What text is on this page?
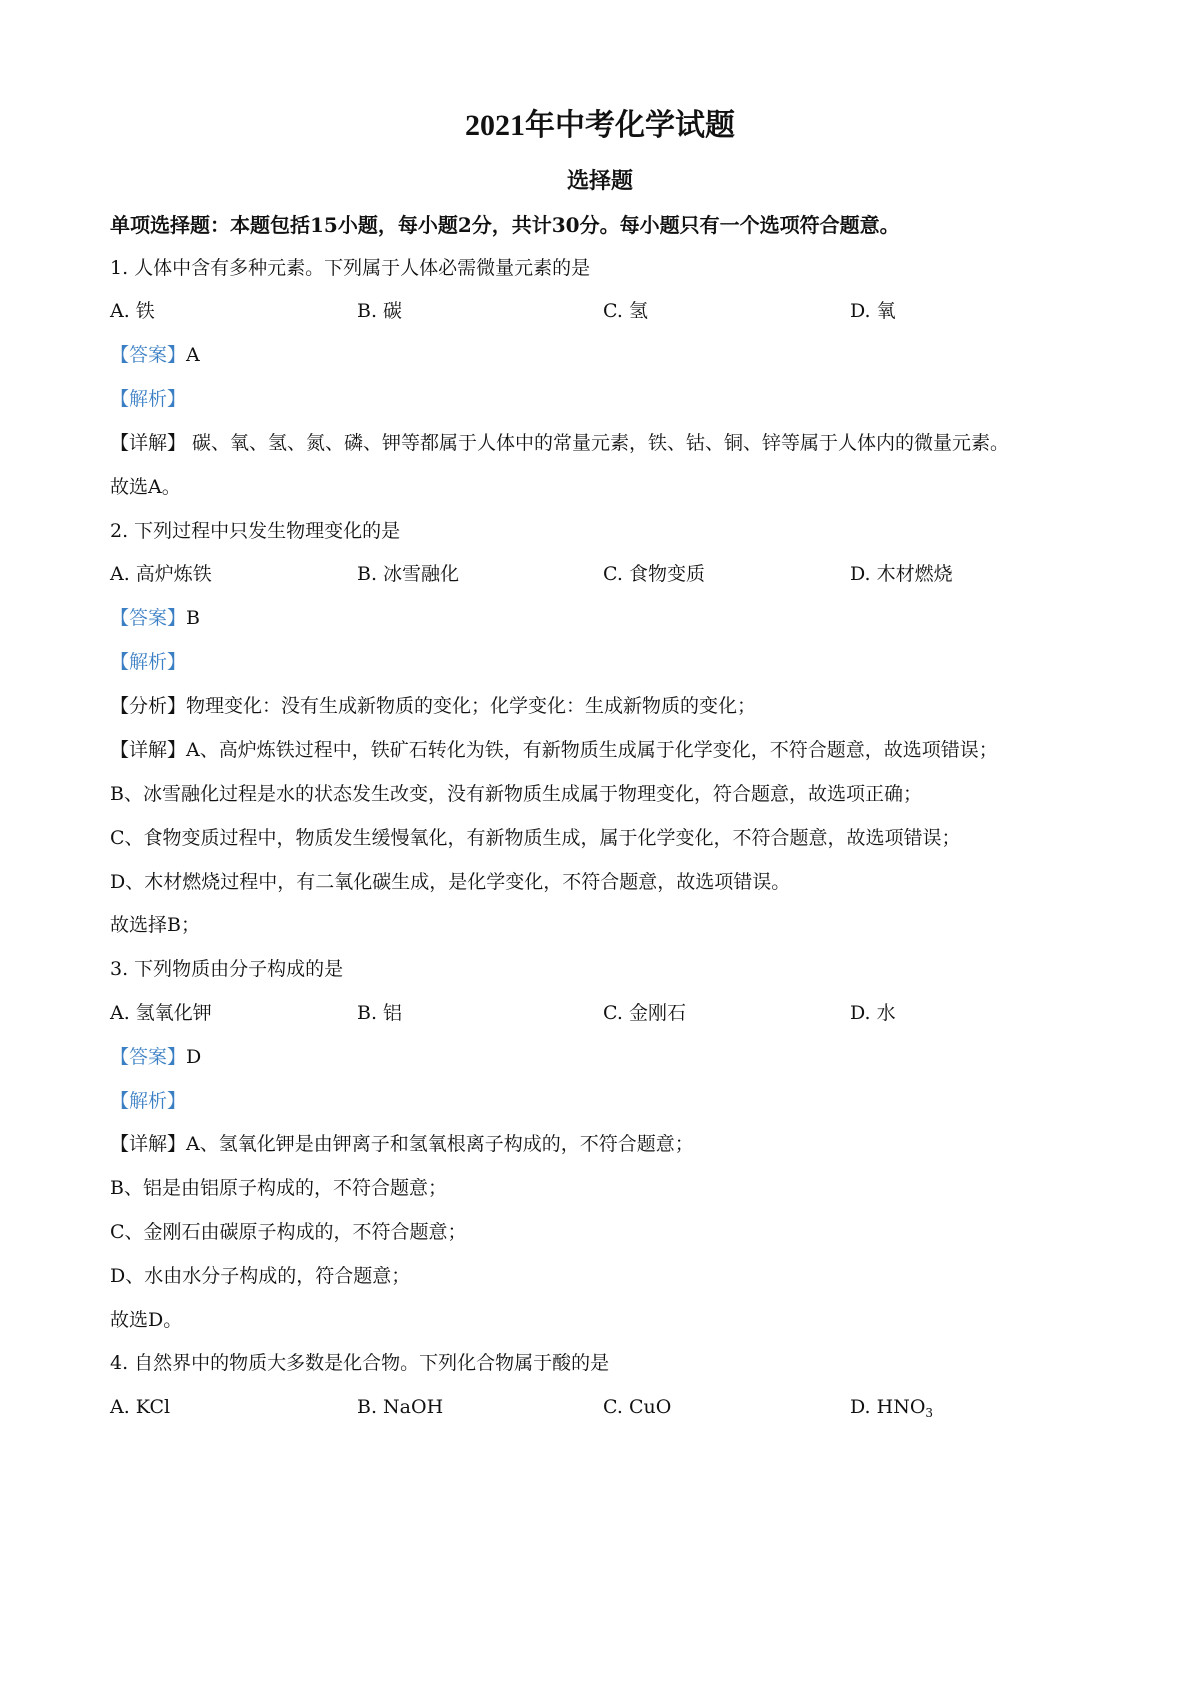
2021年中考化学试题
选择题
单项选择题：本题包括15小题，每小题2分，共计30分。每小题只有一个选项符合题意。
1. 人体中含有多种元素。下列属于人体必需微量元素的是
A. 铁	B. 碳	C. 氢	D. 氧
【答案】A
【解析】
【详解】 碳、氧、氢、氮、磷、钾等都属于人体中的常量元素，铁、钴、铜、锌等属于人体内的微量元素。
故选A。
2. 下列过程中只发生物理变化的是
A. 高炉炼铁	B. 冰雪融化	C. 食物变质	D. 木材燃烧
【答案】B
【解析】
【分析】物理变化：没有生成新物质的变化；化学变化：生成新物质的变化；
【详解】A、高炉炼铁过程中，铁矿石转化为铁，有新物质生成属于化学变化，不符合题意，故选项错误；
B、冰雪融化过程是水的状态发生改变，没有新物质生成属于物理变化，符合题意，故选项正确；
C、食物变质过程中，物质发生缓慢氧化，有新物质生成，属于化学变化，不符合题意，故选项错误；
D、木材燃烧过程中，有二氧化碳生成，是化学变化，不符合题意，故选项错误。
故选择B；
3. 下列物质由分子构成的是
A. 氢氧化钾	B. 铝	C. 金刚石	D. 水
【答案】D
【解析】
【详解】A、氢氧化钾是由钾离子和氢氧根离子构成的，不符合题意；
B、铝是由铝原子构成的，不符合题意；
C、金刚石由碳原子构成的，不符合题意；
D、水由水分子构成的，符合题意；
故选D。
4. 自然界中的物质大多数是化合物。下列化合物属于酸的是
A. KCl	B. NaOH	C. CuO	D. $HNO_3$
